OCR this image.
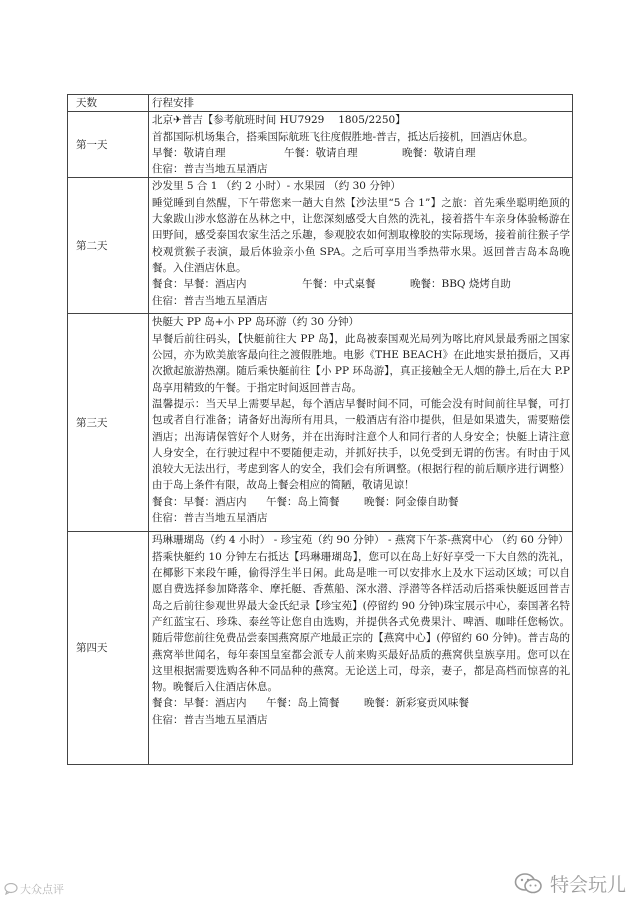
天数	行程安排
第一天	北京✈普吉【参考航班时间 HU7929　 1805/2250】
首都国际机场集合，搭乘国际航班飞往度假胜地-普吉，抵达后接机，回酒店休息。
早餐：敬请自理 午餐：敬请自理 晚餐：敬请自理
住宿：普吉当地五星酒店

第二天	沙发里 5 合 1 （约 2 小时）- 水果园 （约 30 分钟）
睡觉睡到自然醒，下午带您来一趟大自然【沙法里“5 合 1”】之旅：首先乘坐聪明绝顶的大象跋山涉水悠游在丛林之中，让您深刻感受大自然的洗礼，接着搭牛车亲身体验畅游在田野间，感受泰国农家生活之乐趣，参观胶农如何割取橡胶的实际现场，接着前往猴子学校观赏猴子表演，最后体验亲小鱼 SPA。之后可享用当季热带水果。返回普吉岛本岛晚餐。入住酒店休息。
餐食：早餐：酒店内 午餐：中式桌餐 晚餐：BBQ 烧烤自助
住宿：普吉当地五星酒店

第三天	快艇大 PP 岛+小 PP 岛环游（约 30 分钟）
早餐后前往码头，【快艇前往大 PP 岛】，此岛被泰国观光局列为喀比府风景最秀丽之国家公园，亦为欧美旅客最向往之渡假胜地。电影《THE BEACH》在此地实景拍摄后，又再次掀起旅游热潮。随后乘快艇前往【小 PP 环岛游】，真正接触全无人烟的静土,后在大 P.P 岛享用精致的午餐。于指定时间返回普吉岛。
温馨提示：当天早上需要早起，每个酒店早餐时间不同，可能会没有时间前往早餐，可打包或者自行准备；请备好出海所有用具，一般酒店有浴巾提供，但是如果遗失，需要赔偿酒店；出海请保管好个人财务，并在出海时注意个人和同行者的人身安全；快艇上请注意人身安全，在行驶过程中不要随便走动，并抓好扶手，以免受到无谓的伤害。有时由于风浪较大无法出行，考虑到客人的安全，我们会有所调整。(根据行程的前后顺序进行调整）由于岛上条件有限，故岛上餐会相应的简陋，敬请见谅！
餐食：早餐：酒店内 午餐：岛上简餐 晚餐：阿金傣自助餐
住宿：普吉当地五星酒店

第四天	玛琳珊瑚岛（约 4 小时） - 珍宝苑（约 90 分钟） - 燕窝下午茶-燕窝中心 （约 60 分钟）
搭乘快艇约 10 分钟左右抵达【玛琳珊瑚岛】，您可以在岛上好好享受一下大自然的洗礼，在椰影下来段午睡，偷得浮生半日闲。此岛是唯一可以安排水上及水下运动区域；可以自愿自费选择参加降落伞、摩托艇、香蕉船、深水潜、浮潜等各样活动后搭乘快艇返回普吉岛之后前往参观世界最大金氏纪录【珍宝苑】(停留约 90 分钟)珠宝展示中心，泰国著名特产红蓝宝石、珍珠、泰丝等让您自由选购，并提供各式免费果汁、啤酒、咖啡任您畅饮。随后带您前往免费品尝泰国燕窝原产地最正宗的【燕窝中心】(停留约 60 分钟)。普吉岛的燕窝举世闻名，每年泰国皇室都会派专人前来购买最好品质的燕窝供皇族享用。您可以在这里根据需要选购各种不同品种的燕窝。无论送上司，母亲，妻子，都是高档而惊喜的礼物。晚餐后入住酒店休息。
餐食：早餐：酒店内 午餐：岛上简餐 晚餐：新彩宴贡风味餐
住宿：普吉当地五星酒店
大众点评	特会玩儿
